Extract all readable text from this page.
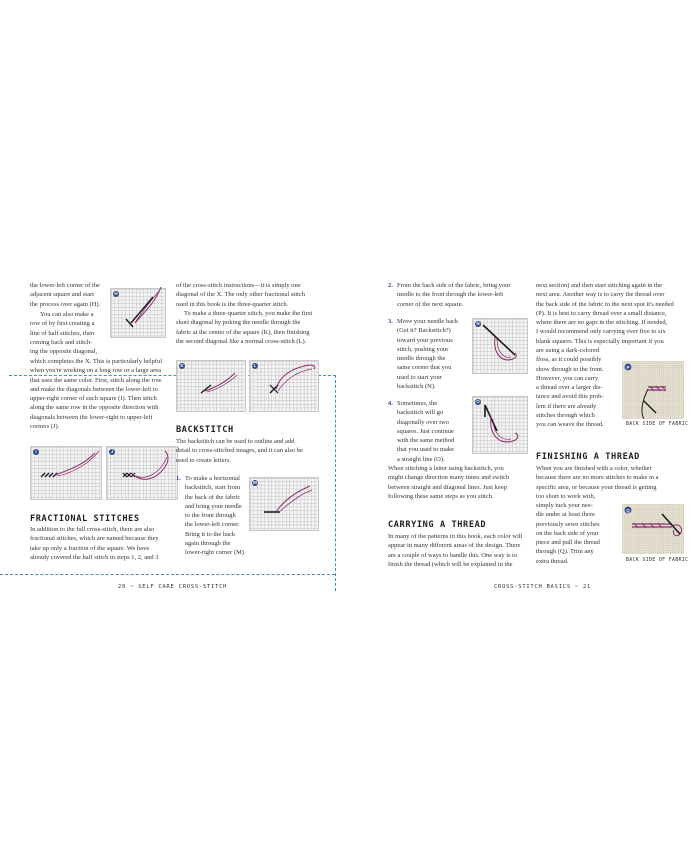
the lower-left corner of the
adjacent square and start
the process over again (H).
You can also make a
row of by first creating a
line of half stitches, then
coming back and stitch-
ing the opposite diagonal,
which completes the X. This is particularly helpful
when you're working on a long row or a large area
that uses the same color. First, stitch along the row
and make the diagonals between the lower-left to
upper-right corner of each square (I). Then stitch
along the same row in the opposite direction with
diagonals between the lower-right to upper-left
corners (J).
H
I	J
FRACTIONAL STITCHES
In addition to the full cross-stitch, there are also
fractional stitches, which are named because they
take up only a fraction of the square. We have
already covered the half stitch in steps 1, 2, and 3
of the cross-stitch instructions—it is simply one
diagonal of the X. The only other fractional stitch
used in this book is the three-quarter stitch.
To make a three-quarter stitch, you make the first
short diagonal by poking the needle through the
fabric at the center of the square (K), then finishing
the second diagonal like a normal cross-stitch (L).
K	L
BACKSTITCH
The backstitch can be used to outline and add
detail to cross-stitched images, and it can also be
used to create letters.
1. To make a horizontal
backstitch, start from
the back of the fabric
and bring your needle
to the front through
the lower-left corner.
Bring it to the back
again through the
lower-right corner (M).
M
20 ~ SELF CARE CROSS-STITCH
2. From the back side of the fabric, bring your
needle to the front through the lower-left
corner of the next square.
3. Move your needle back
(Get it? Backstitch?)
toward your previous
stitch, pushing your
needle through the
same corner that you
used to start your
backstitch (N).
N
4. Sometimes, the
backstitch will go
diagonally over two
squares. Just continue
with the same method
that you used to make
a straight line (O).
O
When stitching a letter using backstitch, you
might change direction many times and switch
between straight and diagonal lines. Just keep
following these same steps as you stitch.
CARRYING A THREAD
In many of the patterns in this book, each color will
appear in many different areas of the design. There
are a couple of ways to handle this. One way is to
finish the thread (which will be explained in the
next section) and then start stitching again in the
next area. Another way is to carry the thread over
the back side of the fabric to the next spot it's needed
(P). It is best to carry thread over a small distance,
where there are no gaps in the stitching. If needed,
I would recommend only carrying over five to six
blank squares. This is especially important if you
are using a dark-colored
floss, as it could possibly
show through to the front.
However, you can carry
a thread over a larger dis-
tance and avoid this prob-
lem if there are already
stitches through which
you can weave the thread.
P
BACK SIDE OF FABRIC
FINISHING A THREAD
When you are finished with a color, whether
because there are no more stitches to make in a
specific area, or because your thread is getting
too short to work with,
simply tuck your nee-
dle under at least three
previously sewn stitches
on the back side of your
piece and pull the thread
through (Q). Trim any
extra thread.
Q
BACK SIDE OF FABRIC
CROSS-STITCH BASICS ~ 21
